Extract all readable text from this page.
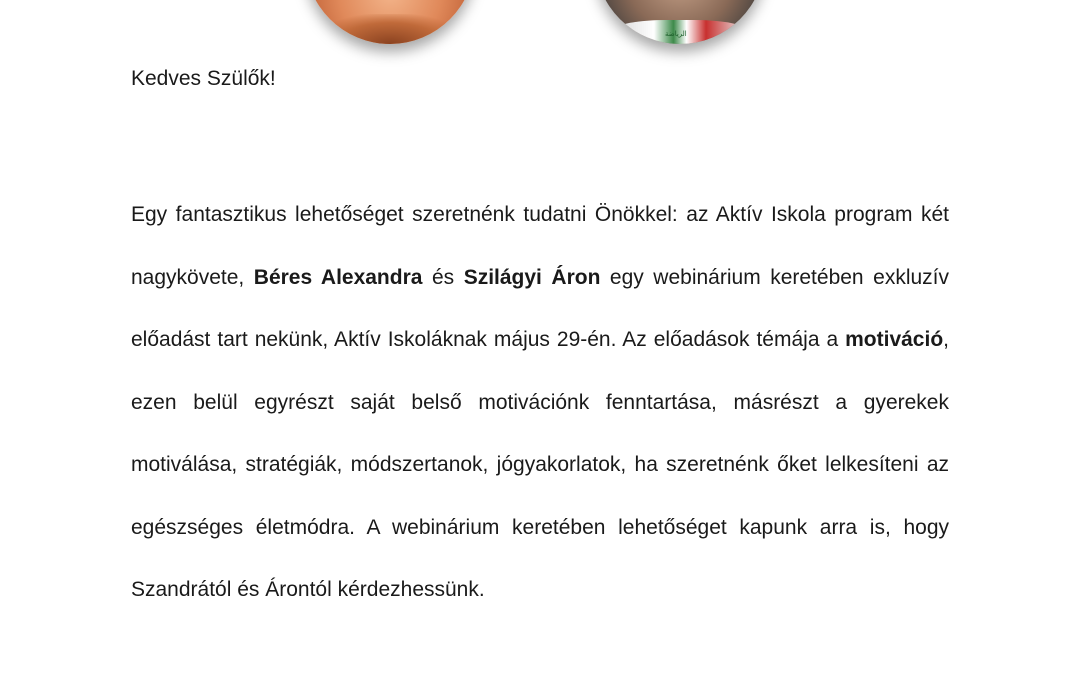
الرياضة

Kedves Szülők!

Egy fantasztikus lehetőséget szeretnénk tudatni Önökkel: az Aktív Iskola program két nagykövete, Béres Alexandra és Szilágyi Áron egy webinárium keretében exkluzív előadást tart nekünk, Aktív Iskoláknak május 29-én. Az előadások témája a motiváció, ezen belül egyrészt saját belső motivációnk fenntartása, másrészt a gyerekek motiválása, stratégiák, módszertanok, jógyakorlatok, ha szeretnénk őket lelkesíteni az egészséges életmódra. A webinárium keretében lehetőséget kapunk arra is, hogy Szandrától és Árontól kérdezhessünk.
